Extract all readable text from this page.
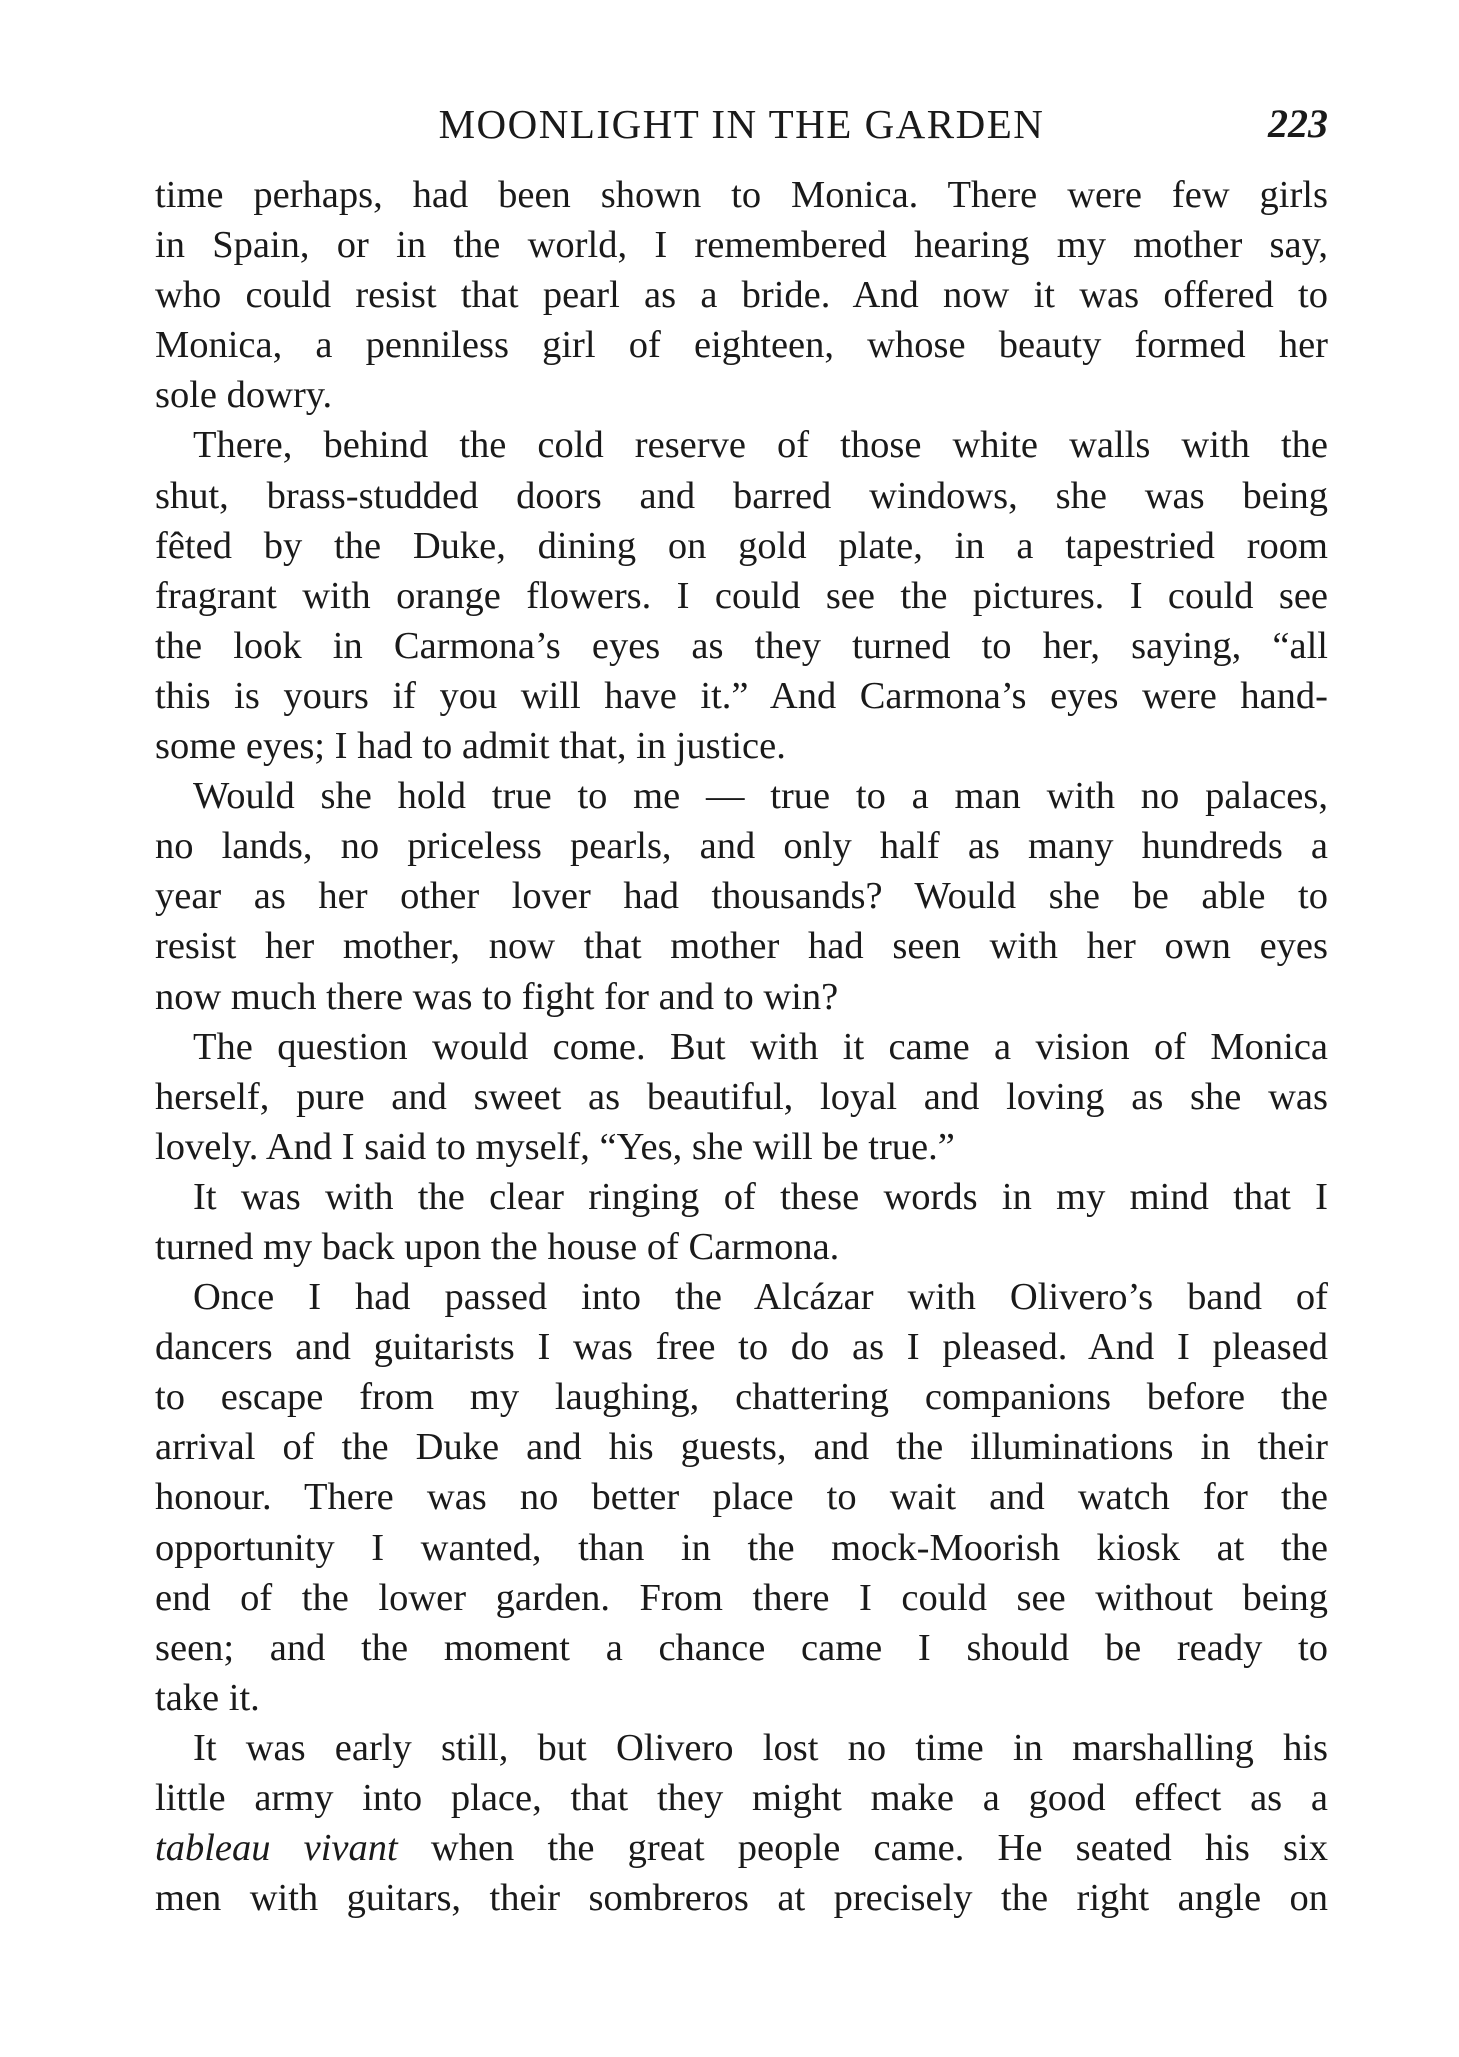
MOONLIGHT IN THE GARDEN	223
time perhaps, had been shown to Monica. There were few girls
in Spain, or in the world, I remembered hearing my mother say,
who could resist that pearl as a bride. And now it was offered to
Monica, a penniless girl of eighteen, whose beauty formed her
sole dowry.
There, behind the cold reserve of those white walls with the
shut, brass-studded doors and barred windows, she was being
fêted by the Duke, dining on gold plate, in a tapestried room
fragrant with orange flowers. I could see the pictures. I could see
the look in Carmona’s eyes as they turned to her, saying, “all
this is yours if you will have it.” And Carmona’s eyes were hand-
some eyes; I had to admit that, in justice.
Would she hold true to me — true to a man with no palaces,
no lands, no priceless pearls, and only half as many hundreds a
year as her other lover had thousands? Would she be able to
resist her mother, now that mother had seen with her own eyes
now much there was to fight for and to win?
The question would come. But with it came a vision of Monica
herself, pure and sweet as beautiful, loyal and loving as she was
lovely. And I said to myself, “Yes, she will be true.”
It was with the clear ringing of these words in my mind that I
turned my back upon the house of Carmona.
Once I had passed into the Alcázar with Olivero’s band of
dancers and guitarists I was free to do as I pleased. And I pleased
to escape from my laughing, chattering companions before the
arrival of the Duke and his guests, and the illuminations in their
honour. There was no better place to wait and watch for the
opportunity I wanted, than in the mock-Moorish kiosk at the
end of the lower garden. From there I could see without being
seen; and the moment a chance came I should be ready to
take it.
It was early still, but Olivero lost no time in marshalling his
little army into place, that they might make a good effect as a
tableau vivant when the great people came. He seated his six
men with guitars, their sombreros at precisely the right angle on
